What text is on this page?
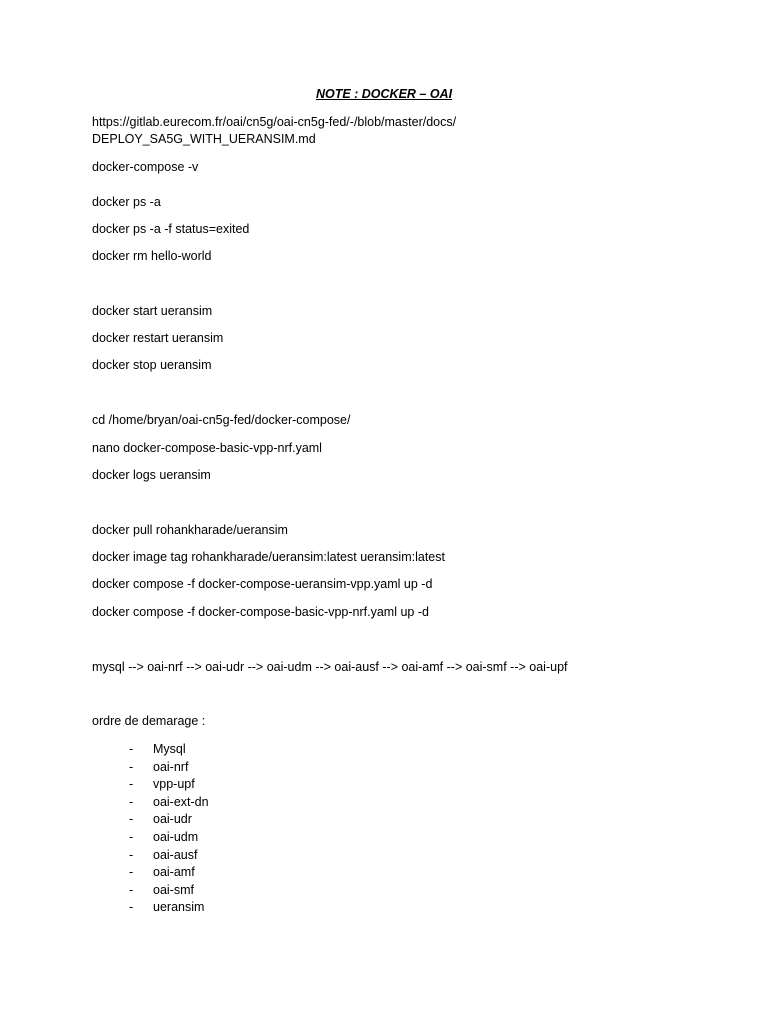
NOTE : DOCKER – OAI
https://gitlab.eurecom.fr/oai/cn5g/oai-cn5g-fed/-/blob/master/docs/
DEPLOY_SA5G_WITH_UERANSIM.md
docker-compose -v
docker ps -a
docker ps -a -f status=exited
docker rm hello-world
docker start ueransim
docker restart ueransim
docker stop ueransim
cd /home/bryan/oai-cn5g-fed/docker-compose/
nano docker-compose-basic-vpp-nrf.yaml
docker logs ueransim
docker pull rohankharade/ueransim
docker image tag rohankharade/ueransim:latest ueransim:latest
docker compose -f docker-compose-ueransim-vpp.yaml up -d
docker compose -f docker-compose-basic-vpp-nrf.yaml up -d
mysql --> oai-nrf --> oai-udr --> oai-udm --> oai-ausf --> oai-amf --> oai-smf --> oai-upf
ordre de demarage :
- Mysql
- oai-nrf
- vpp-upf
- oai-ext-dn
- oai-udr
- oai-udm
- oai-ausf
- oai-amf
- oai-smf
- ueransim
